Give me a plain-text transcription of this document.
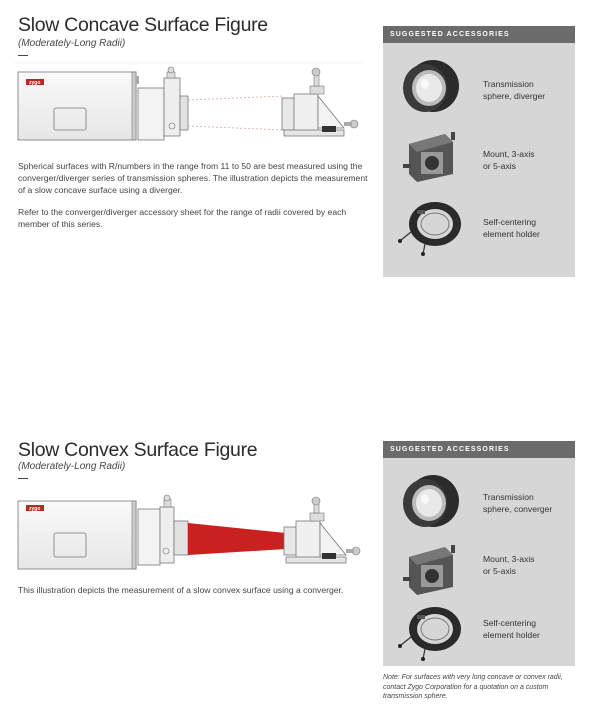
Slow Concave Surface Figure
(Moderately-Long Radii)
zygo

Spherical surfaces with R/numbers in the range from 11 to 50 are best measured using the converger/diverger series of transmission spheres. The illustration depicts the measurement of a slow concave surface using a diverger.

Refer to the converger/diverger accessory sheet for the range of radii covered by each member of this series.

SUGGESTED ACCESSORIES
Transmission
sphere, diverger
Mount, 3-axis
or 5-axis
Self-centering
element holder
Slow Convex Surface Figure
(Moderately-Long Radii)
zygo

This illustration depicts the measurement of a slow convex surface using a converger.

SUGGESTED ACCESSORIES
Transmission
sphere, converger
Mount, 3-axis
or 5-axis
Self-centering
element holder
Note: For surfaces with very long concave or convex radii, contact Zygo Corporation for a quotation on a custom transmission sphere.
